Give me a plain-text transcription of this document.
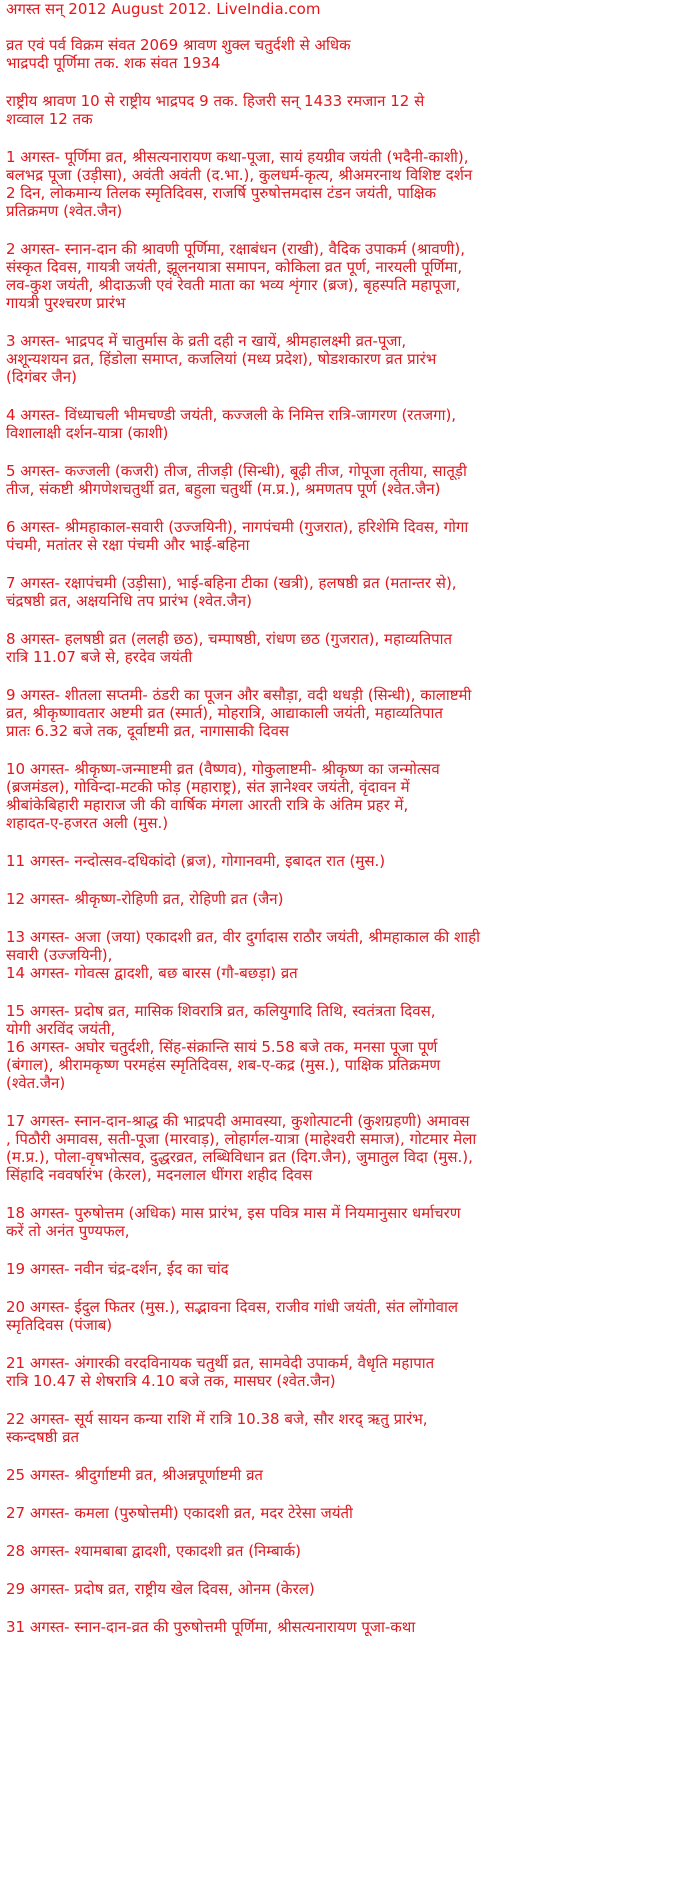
अगस्त सन् 2012 August 2012. LiveIndia.com
व्रत एवं पर्व विक्रम संवत 2069 श्रावण शुक्ल चतुर्दशी से अधिक
भाद्रपदी पूर्णिमा तक. शक संवत 1934
राष्ट्रीय श्रावण 10 से राष्ट्रीय भाद्रपद 9 तक. हिजरी सन् 1433 रमजान 12 से
शव्वाल 12 तक
1 अगस्त- पूर्णिमा व्रत, श्रीसत्यनारायण कथा-पूजा, सायं हयग्रीव जयंती (भदैनी-काशी),
बलभद्र पूजा (उड़ीसा), अवंती अवंती (द.भा.), कुलधर्म-कृत्य, श्रीअमरनाथ विशिष्ट दर्शन
2 दिन, लोकमान्य तिलक स्मृतिदिवस, राजर्षि पुरुषोत्तमदास टंडन जयंती, पाक्षिक
प्रतिक्रमण (श्वेत.जैन)
2 अगस्त- स्नान-दान की श्रावणी पूर्णिमा, रक्षाबंधन (राखी), वैदिक उपाकर्म (श्रावणी),
संस्कृत दिवस, गायत्री जयंती, झूलनयात्रा समापन, कोकिला व्रत पूर्ण, नारयली पूर्णिमा,
लव-कुश जयंती, श्रीदाऊजी एवं रेवती माता का भव्य शृंगार (ब्रज), बृहस्पति महापूजा,
गायत्री पुरश्चरण प्रारंभ
3 अगस्त- भाद्रपद में चातुर्मास के व्रती दही न खायें, श्रीमहालक्ष्मी व्रत-पूजा,
अशून्यशयन व्रत, हिंडोला समाप्त, कजलियां (मध्य प्रदेश), षोडशकारण व्रत प्रारंभ
(दिगंबर जैन)
4 अगस्त- विंध्याचली भीमचण्डी जयंती, कज्जली के निमित्त रात्रि-जागरण (रतजगा),
विशालाक्षी दर्शन-यात्रा (काशी)
5 अगस्त- कज्जली (कजरी) तीज, तीजड़ी (सिन्धी), बूढ़ी तीज, गोपूजा तृतीया, सातूड़ी
तीज, संकष्टी श्रीगणेशचतुर्थी व्रत, बहुला चतुर्थी (म.प्र.), श्रमणतप पूर्ण (श्वेत.जैन)
6 अगस्त- श्रीमहाकाल-सवारी (उज्जयिनी), नागपंचमी (गुजरात), हरिशेमि दिवस, गोगा
पंचमी, मतांतर से रक्षा पंचमी और भाई-बहिना
7 अगस्त- रक्षापंचमी (उड़ीसा), भाई-बहिना टीका (खत्री), हलषष्ठी व्रत (मतान्तर से),
चंद्रषष्ठी व्रत, अक्षयनिधि तप प्रारंभ (श्वेत.जैन)
8 अगस्त- हलषष्ठी व्रत (ललही छठ), चम्पाषष्ठी, रांधण छठ (गुजरात), महाव्यतिपात
रात्रि 11.07 बजे से, हरदेव जयंती
9 अगस्त- शीतला सप्तमी- ठंडरी का पूजन और बसौड़ा, वदी थधड़ी (सिन्धी), कालाष्टमी
व्रत, श्रीकृष्णावतार अष्टमी व्रत (स्मार्त), मोहरात्रि, आद्याकाली जयंती, महाव्यतिपात
प्रातः 6.32 बजे तक, दूर्वाष्टमी व्रत, नागासाकी दिवस
10 अगस्त- श्रीकृष्ण-जन्माष्टमी व्रत (वैष्णव), गोकुलाष्टमी- श्रीकृष्ण का जन्मोत्सव
(ब्रजमंडल), गोविन्दा-मटकी फोड़ (महाराष्ट्र), संत ज्ञानेश्वर जयंती, वृंदावन में
श्रीबांकेबिहारी महाराज जी की वार्षिक मंगला आरती रात्रि के अंतिम प्रहर में,
शहादत-ए-हजरत अली (मुस.)
11 अगस्त- नन्दोत्सव-दधिकांदो (ब्रज), गोगानवमी, इबादत रात (मुस.)
12 अगस्त- श्रीकृष्ण-रोहिणी व्रत, रोहिणी व्रत (जैन)
13 अगस्त- अजा (जया) एकादशी व्रत, वीर दुर्गादास राठौर जयंती, श्रीमहाकाल की शाही
सवारी (उज्जयिनी),
14 अगस्त- गोवत्स द्वादशी, बछ बारस (गौ-बछड़ा) व्रत
15 अगस्त- प्रदोष व्रत, मासिक शिवरात्रि व्रत, कलियुगादि तिथि, स्वतंत्रता दिवस,
योगी अरविंद जयंती,
16 अगस्त- अघोर चतुर्दशी, सिंह-संक्रान्ति सायं 5.58 बजे तक, मनसा पूजा पूर्ण
(बंगाल), श्रीरामकृष्ण परमहंस स्मृतिदिवस, शब-ए-कद्र (मुस.), पाक्षिक प्रतिक्रमण
(श्वेत.जैन)
17 अगस्त- स्नान-दान-श्राद्ध की भाद्रपदी अमावस्या, कुशोत्पाटनी (कुशग्रहणी) अमावस
, पिठौरी अमावस, सती-पूजा (मारवाड़), लोहार्गल-यात्रा (माहेश्वरी समाज), गोटमार मेला
(म.प्र.), पोला-वृषभोत्सव, दुद्धरव्रत, लब्धिविधान व्रत (दिग.जैन), जुमातुल विदा (मुस.),
सिंहादि नववर्षारंभ (केरल), मदनलाल धींगरा शहीद दिवस
18 अगस्त- पुरुषोत्तम (अधिक) मास प्रारंभ, इस पवित्र मास में नियमानुसार धर्माचरण
करें तो अनंत पुण्यफल,
19 अगस्त- नवीन चंद्र-दर्शन, ईद का चांद
20 अगस्त- ईदुल फितर (मुस.), सद्भावना दिवस, राजीव गांधी जयंती, संत लोंगोवाल
स्मृतिदिवस (पंजाब)
21 अगस्त- अंगारकी वरदविनायक चतुर्थी व्रत, सामवेदी उपाकर्म, वैधृति महापात
रात्रि 10.47 से शेषरात्रि 4.10 बजे तक, मासघर (श्वेत.जैन)
22 अगस्त- सूर्य सायन कन्या राशि में रात्रि 10.38 बजे, सौर शरद् ऋतु प्रारंभ,
स्कन्दषष्ठी व्रत
25 अगस्त- श्रीदुर्गाष्टमी व्रत, श्रीअन्नपूर्णाष्टमी व्रत
27 अगस्त- कमला (पुरुषोत्तमी) एकादशी व्रत, मदर टेरेसा जयंती
28 अगस्त- श्यामबाबा द्वादशी, एकादशी व्रत (निम्बार्क)
29 अगस्त- प्रदोष व्रत, राष्ट्रीय खेल दिवस, ओनम (केरल)
31 अगस्त- स्नान-दान-व्रत की पुरुषोत्तमी पूर्णिमा, श्रीसत्यनारायण पूजा-कथा
